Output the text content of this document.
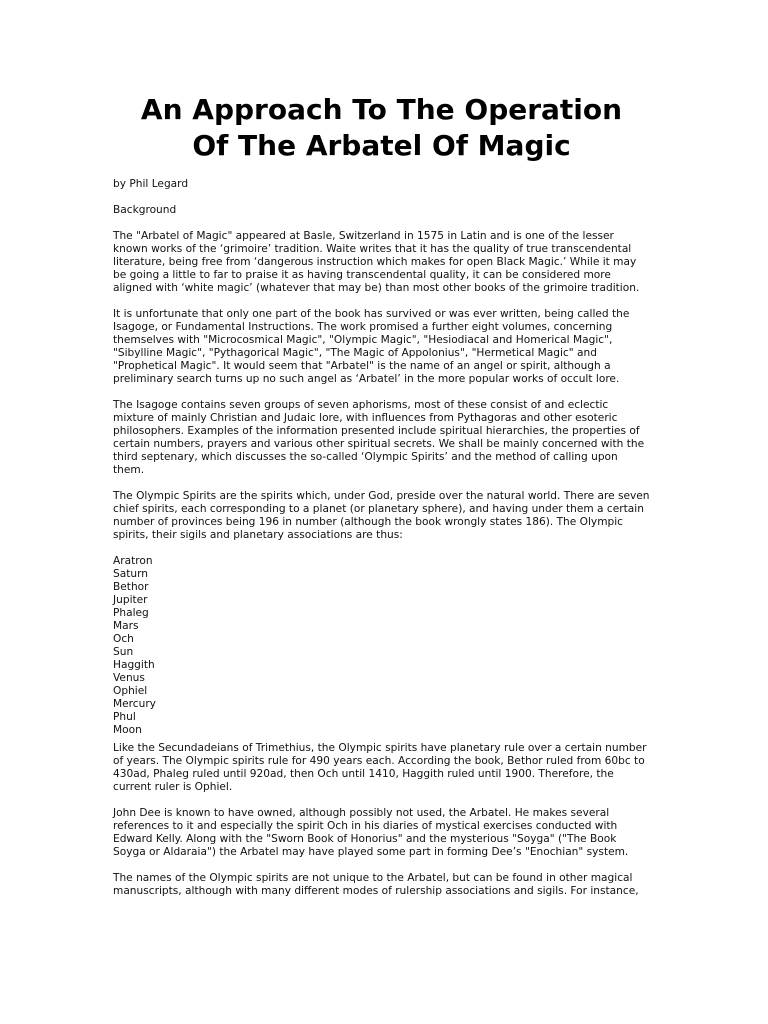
An Approach To The Operation
Of The Arbatel Of Magic

by Phil Legard

Background

The "Arbatel of Magic" appeared at Basle, Switzerland in 1575 in Latin and is one of the lesser known works of the ‘grimoire’ tradition. Waite writes that it has the quality of true transcendental literature, being free from ‘dangerous instruction which makes for open Black Magic.’ While it may be going a little to far to praise it as having transcendental quality, it can be considered more aligned with ‘white magic’ (whatever that may be) than most other books of the grimoire tradition.

It is unfortunate that only one part of the book has survived or was ever written, being called the Isagoge, or Fundamental Instructions. The work promised a further eight volumes, concerning themselves with "Microcosmical Magic", "Olympic Magic", "Hesiodiacal and Homerical Magic", "Sibylline Magic", "Pythagorical Magic", "The Magic of Appolonius", "Hermetical Magic" and "Prophetical Magic". It would seem that "Arbatel" is the name of an angel or spirit, although a preliminary search turns up no such angel as ‘Arbatel’ in the more popular works of occult lore.

The Isagoge contains seven groups of seven aphorisms, most of these consist of and eclectic mixture of mainly Christian and Judaic lore, with influences from Pythagoras and other esoteric philosophers. Examples of the information presented include spiritual hierarchies, the properties of certain numbers, prayers and various other spiritual secrets. We shall be mainly concerned with the third septenary, which discusses the so-called ‘Olympic Spirits’ and the method of calling upon them.

The Olympic Spirits are the spirits which, under God, preside over the natural world. There are seven chief spirits, each corresponding to a planet (or planetary sphere), and having under them a certain number of provinces being 196 in number (although the book wrongly states 186). The Olympic spirits, their sigils and planetary associations are thus:

Aratron
Saturn
Bethor
Jupiter
Phaleg
Mars
Och
Sun
Haggith
Venus
Ophiel
Mercury
Phul
Moon

Like the Secundadeians of Trimethius, the Olympic spirits have planetary rule over a certain number of years. The Olympic spirits rule for 490 years each. According the book, Bethor ruled from 60bc to 430ad, Phaleg ruled until 920ad, then Och until 1410, Haggith ruled until 1900. Therefore, the current ruler is Ophiel.

John Dee is known to have owned, although possibly not used, the Arbatel. He makes several references to it and especially the spirit Och in his diaries of mystical exercises conducted with Edward Kelly. Along with the "Sworn Book of Honorius" and the mysterious "Soyga" ("The Book Soyga or Aldaraia") the Arbatel may have played some part in forming Dee’s "Enochian" system.

The names of the Olympic spirits are not unique to the Arbatel, but can be found in other magical manuscripts, although with many different modes of rulership associations and sigils. For instance,
